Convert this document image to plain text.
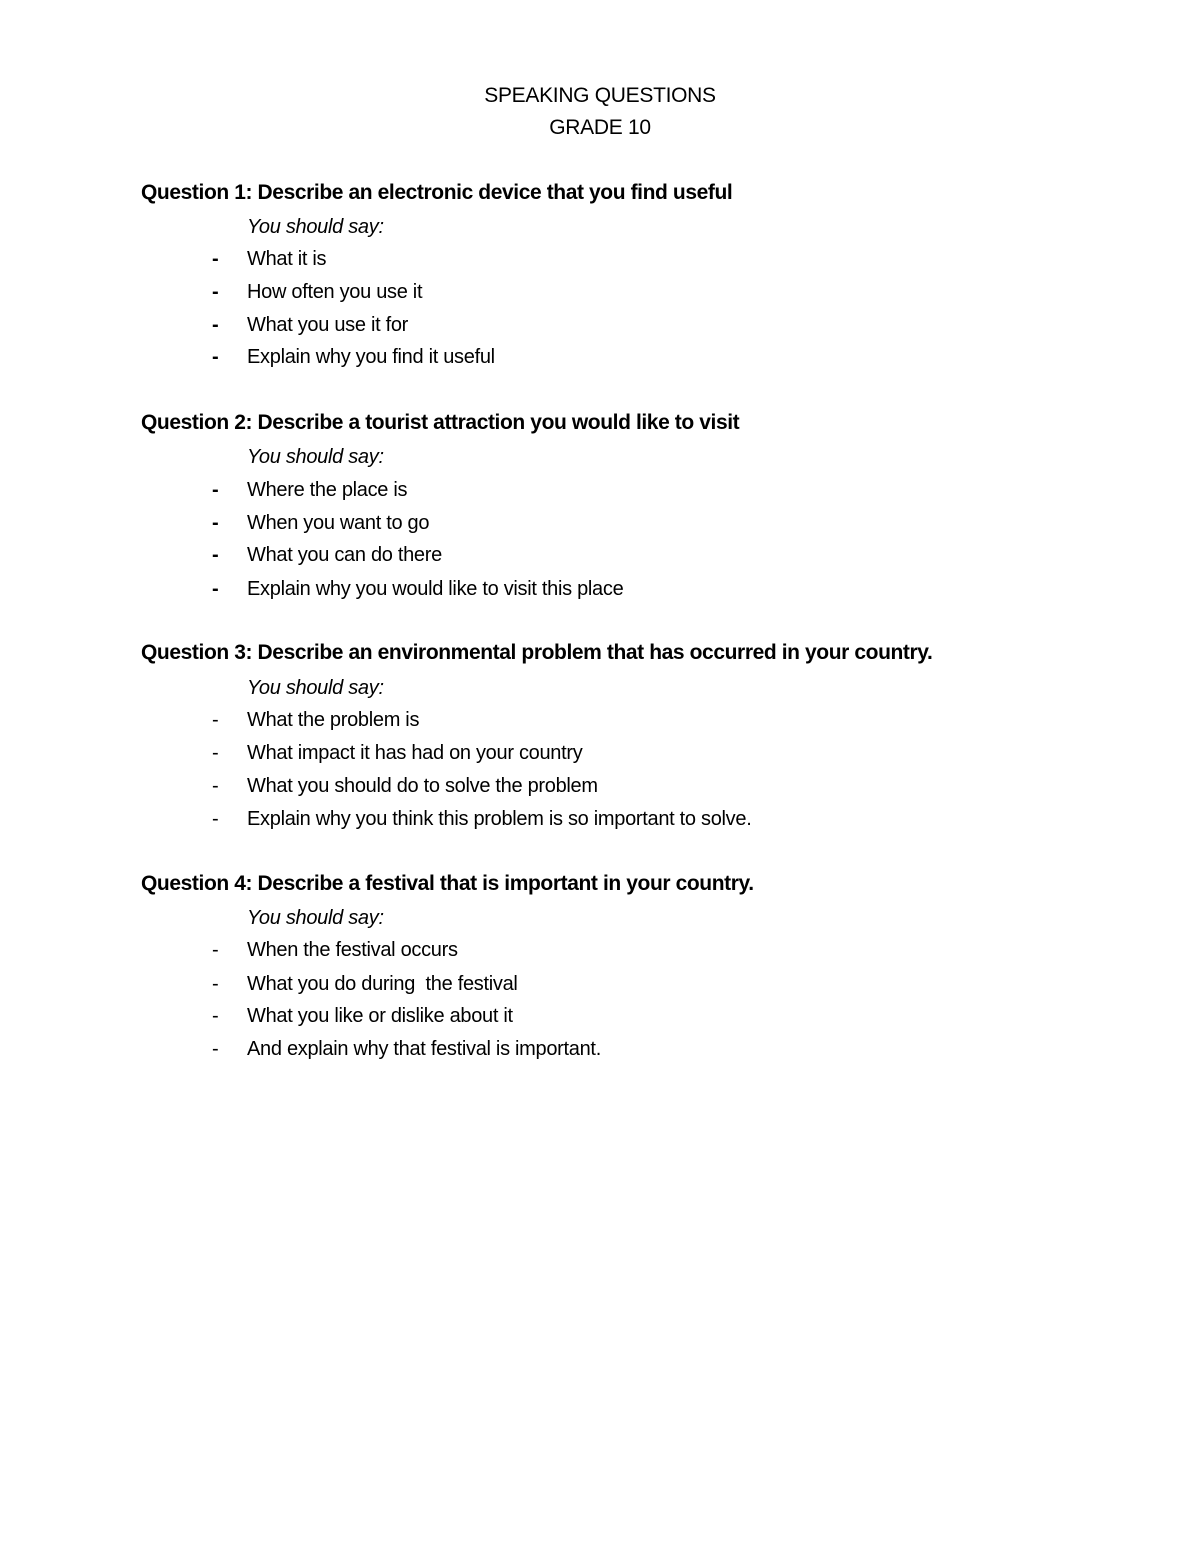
SPEAKING QUESTIONS
GRADE 10
Question 1: Describe an electronic device that you find useful
You should say:
-	What it is
-	How often you use it
-	What you use it for
-	Explain why you find it useful
Question 2: Describe a tourist attraction you would like to visit
You should say:
-	Where the place is
-	When you want to go
-	What you can do there
-	Explain why you would like to visit this place
Question 3: Describe an environmental problem that has occurred in your country.
You should say:
-	What the problem is
-	What impact it has had on your country
-	What you should do to solve the problem
-	Explain why you think this problem is so important to solve.
Question 4: Describe a festival that is important in your country.
You should say:
-	When the festival occurs
-	What you do during  the festival
-	What you like or dislike about it
-	And explain why that festival is important.
